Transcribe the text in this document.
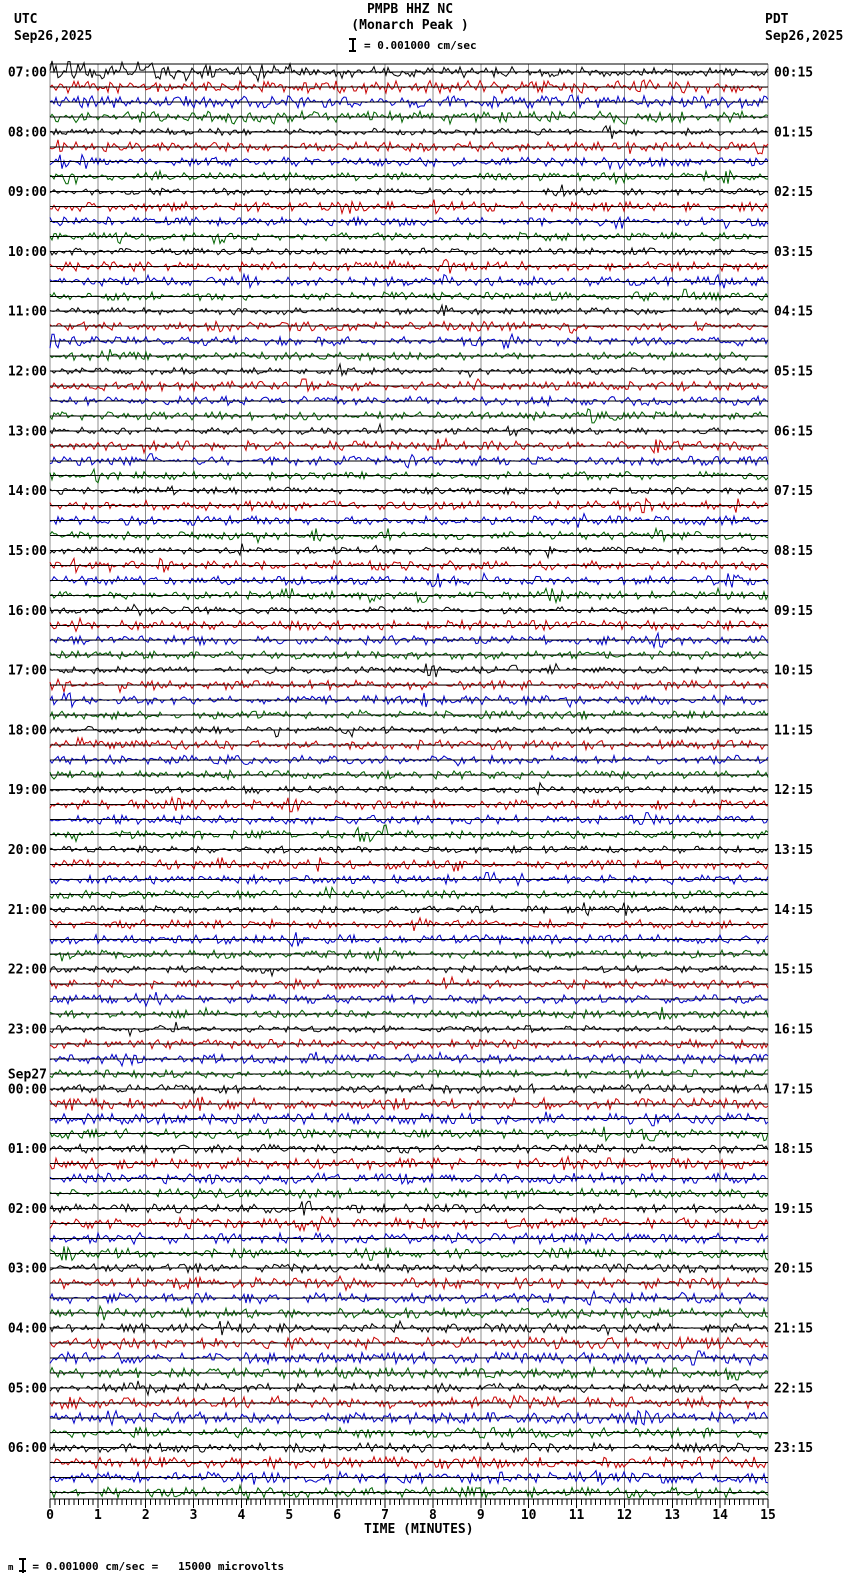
UTC
Sep26,2025
PMPB HHZ NC
(Monarch Peak )
= 0.001000 cm/sec
PDT
Sep26,2025
07:00	00:15
08:00	01:15
09:00	02:15
10:00	03:15
11:00	04:15
12:00	05:15
13:00	06:15
14:00	07:15
15:00	08:15
16:00	09:15
17:00	10:15
18:00	11:15
19:00	12:15
20:00	13:15
21:00	14:15
22:00	15:15
23:00	16:15
00:00	17:15
Sep27
01:00	18:15
02:00	19:15
03:00	20:15
04:00	21:15
05:00	22:15
06:00	23:15
0	1	2	3	4	5	6	7	8	9	10 11 12 13 14 15
TIME (MINUTES)
m = 0.001000 cm/sec =   15000 microvolts
